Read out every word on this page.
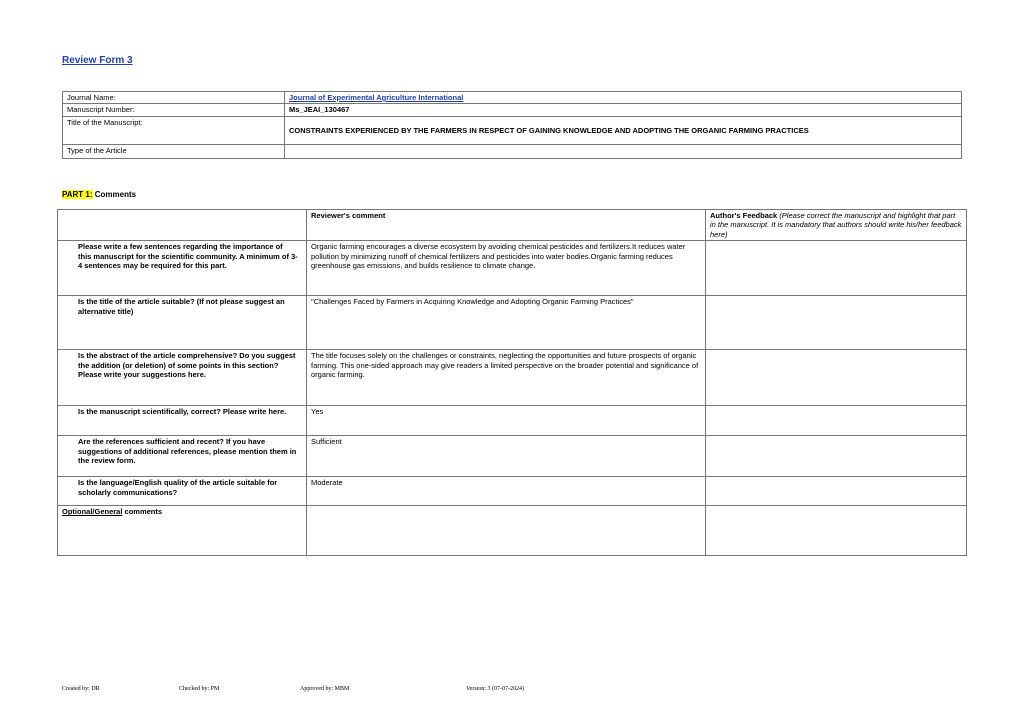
Review Form 3
Journal Name:	Journal of Experimental Agriculture International
Manuscript Number:	Ms_JEAI_130467
Title of the Manuscript:	CONSTRAINTS EXPERIENCED BY THE FARMERS IN RESPECT OF GAINING KNOWLEDGE AND ADOPTING THE ORGANIC FARMING PRACTICES
Type of the Article	
PART 1: Comments
	Reviewer's comment	Author's Feedback (Please correct the manuscript and highlight that part in the manuscript. It is mandatory that authors should write his/her feedback here)
Please write a few sentences regarding the importance of this manuscript for the scientific community. A minimum of 3-4 sentences may be required for this part.	Organic farming encourages a diverse ecosystem by avoiding chemical pesticides and fertilizers.It reduces water pollution by minimizing runoff of chemical fertilizers and pesticides into water bodies.Organic farming reduces greenhouse gas emissions, and builds resilience to climate change.	
Is the title of the article suitable? (If not please suggest an alternative title)	"Challenges Faced by Farmers in Acquiring Knowledge and Adopting Organic Farming Practices"	
Is the abstract of the article comprehensive? Do you suggest the addition (or deletion) of some points in this section? Please write your suggestions here.	The title focuses solely on the challenges or constraints, neglecting the opportunities and future prospects of organic farming. This one-sided approach may give readers a limited perspective on the broader potential and significance of organic farming.	
Is the manuscript scientifically, correct? Please write here.	Yes	
Are the references sufficient and recent? If you have suggestions of additional references, please mention them in the review form.	Sufficient	
Is the language/English quality of the article suitable for scholarly communications?	Moderate	
Optional/General comments		
Created by: DR	Checked by: PM	Approved by: MBM	Version: 3 (07-07-2024)
